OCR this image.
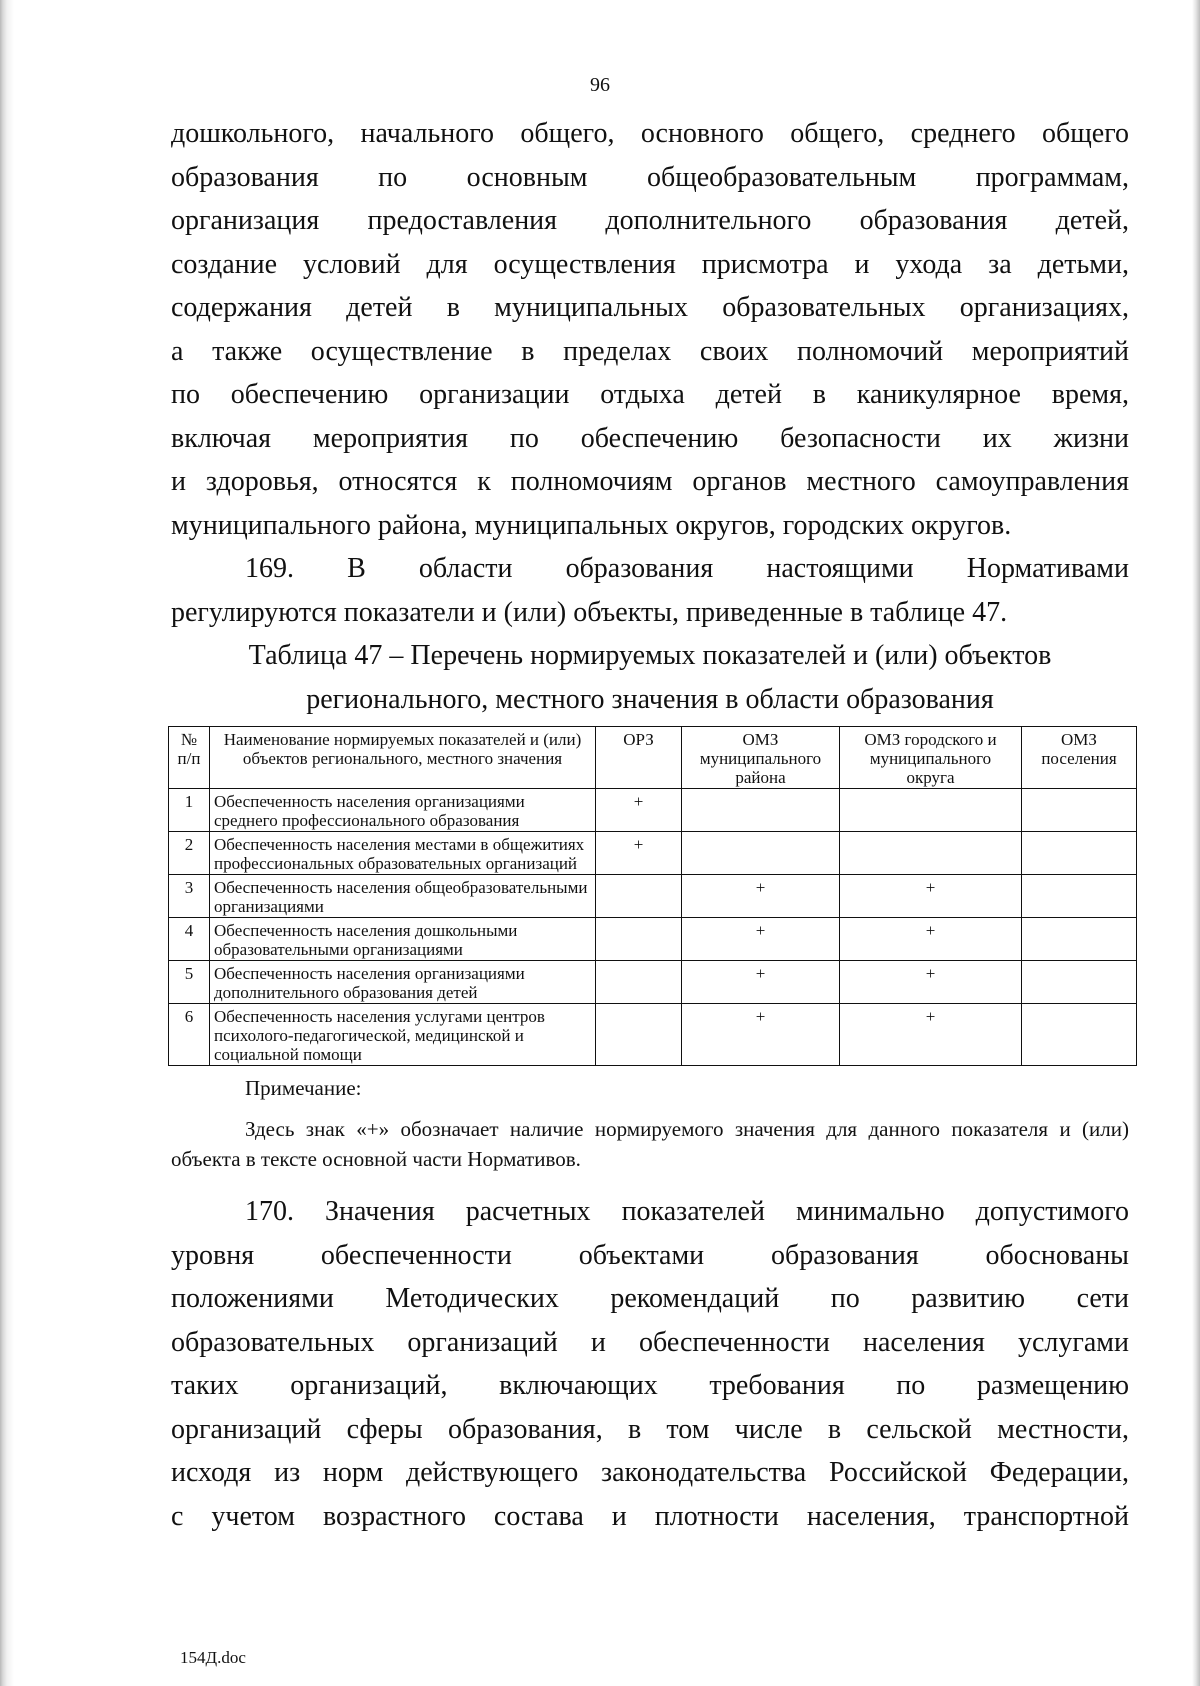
96

дошкольного, начального общего, основного общего, среднего общего

образования по основным общеобразовательным программам,

организация предоставления дополнительного образования детей,

создание условий для осуществления присмотра и ухода за детьми,

содержания детей в муниципальных образовательных организациях,

а также осуществление в пределах своих полномочий мероприятий

по обеспечению организации отдыха детей в каникулярное время,

включая мероприятия по обеспечению безопасности их жизни

и здоровья, относятся к полномочиям органов местного самоуправления

муниципального района, муниципальных округов, городских округов.

169. В области образования настоящими Нормативами

регулируются показатели и (или) объекты, приведенные в таблице 47.

Таблица 47 – Перечень нормируемых показателей и (или) объектов

регионального, местного значения в области образования

№ п/п	Наименование нормируемых показателей и (или) объектов регионального, местного значения	ОРЗ	ОМЗ муниципального района	ОМЗ городского и муниципального округа	ОМЗ поселения
1	Обеспеченность населения организациями среднего профессионального образования	+			
2	Обеспеченность населения местами в общежитиях профессиональных образовательных организаций	+			
3	Обеспеченность населения общеобразовательными организациями		+	+	
4	Обеспеченность населения дошкольными образовательными организациями		+	+	
5	Обеспеченность населения организациями дополнительного образования детей		+	+	
6	Обеспеченность населения услугами центров психолого-педагогической, медицинской и социальной помощи		+	+	

Примечание:

Здесь знак «+» обозначает наличие нормируемого значения для данного показателя и (или) объекта в тексте основной части Нормативов.

170. Значения расчетных показателей минимально допустимого

уровня обеспеченности объектами образования обоснованы

положениями Методических рекомендаций по развитию сети

образовательных организаций и обеспеченности населения услугами

таких организаций, включающих требования по размещению

организаций сферы образования, в том числе в сельской местности,

исходя из норм действующего законодательства Российской Федерации,

с учетом возрастного состава и плотности населения, транспортной

154Д.doc
